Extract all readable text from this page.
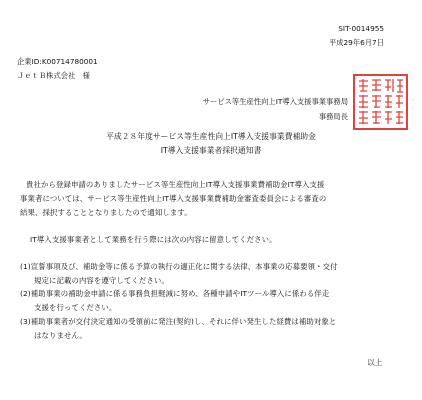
SIT-0014955
平成29年6月7日
企業ID:K00714780001
ＪｅｔＢ株式会社　様
サービス等生産性向上IT導入支援事業事務局
事務局長
平成２８年度サービス等生産性向上IT導入支援事業費補助金
IT導入支援事業者採択通知書
貴社から登録申請のありましたサービス等生産性向上IT導入支援事業費補助金IT導入支援
事業者については、サービス等生産性向上IT導入支援事業費補助金審査委員会による審査の
結果、採択することとなりましたので通知します。
IT導入支援事業者として業務を行う際には次の内容に留意してください。
(1)宣誓事項及び、補助金等に係る予算の執行の適正化に関する法律、本事業の応募要領・交付
規定に記載の内容を遵守してください。
(2)補助事業の補助金申請に係る事務負担軽減に努め、各種申請やITツール導入に係わる伴走
支援を行ってください。
(3)補助事業者が交付決定通知の受領前に発注(契約)し、それに伴い発生した経費は補助対象と
はなりません。
以上
